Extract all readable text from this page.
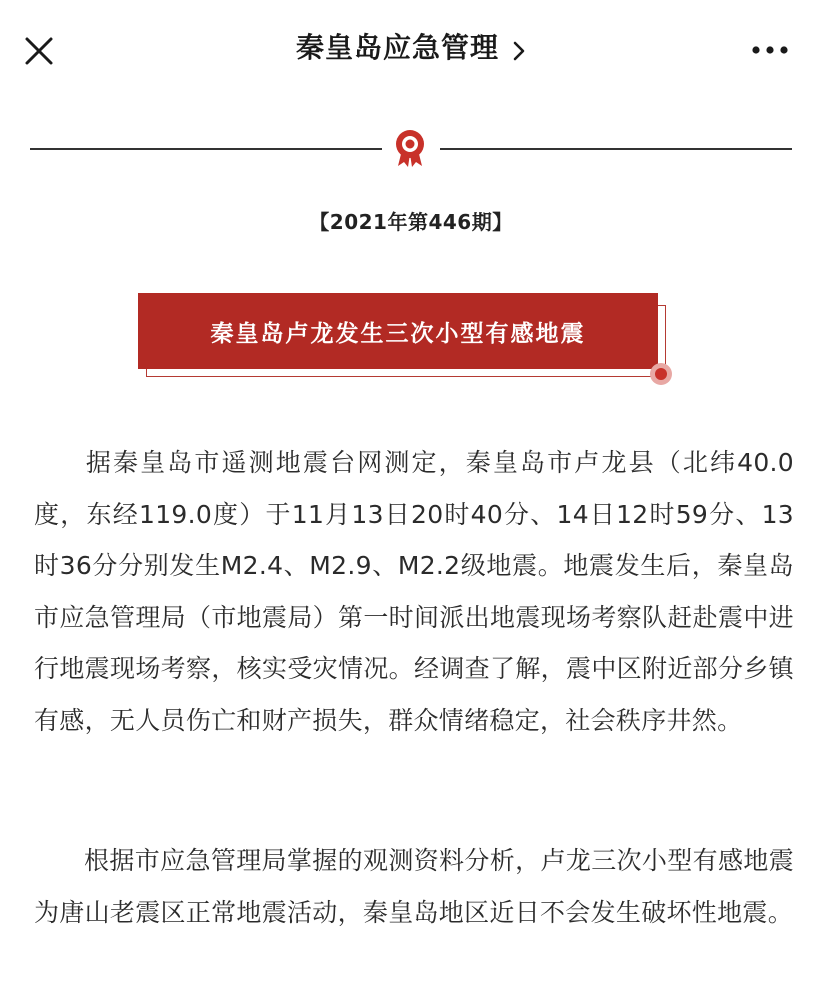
秦皇岛应急管理
【2021年第446期】
秦皇岛卢龙发生三次小型有感地震

据秦皇岛市遥测地震台网测定，秦皇岛市卢龙县（北纬40.0度，东经119.0度）于11月13日20时40分、14日12时59分、13时36分分别发生M2.4、M2.9、M2.2级地震。地震发生后，秦皇岛市应急管理局（市地震局）第一时间派出地震现场考察队赶赴震中进行地震现场考察，核实受灾情况。经调查了解，震中区附近部分乡镇有感，无人员伤亡和财产损失，群众情绪稳定，社会秩序井然。

根据市应急管理局掌握的观测资料分析，卢龙三次小型有感地震为唐山老震区正常地震活动，秦皇岛地区近日不会发生破坏性地震。
